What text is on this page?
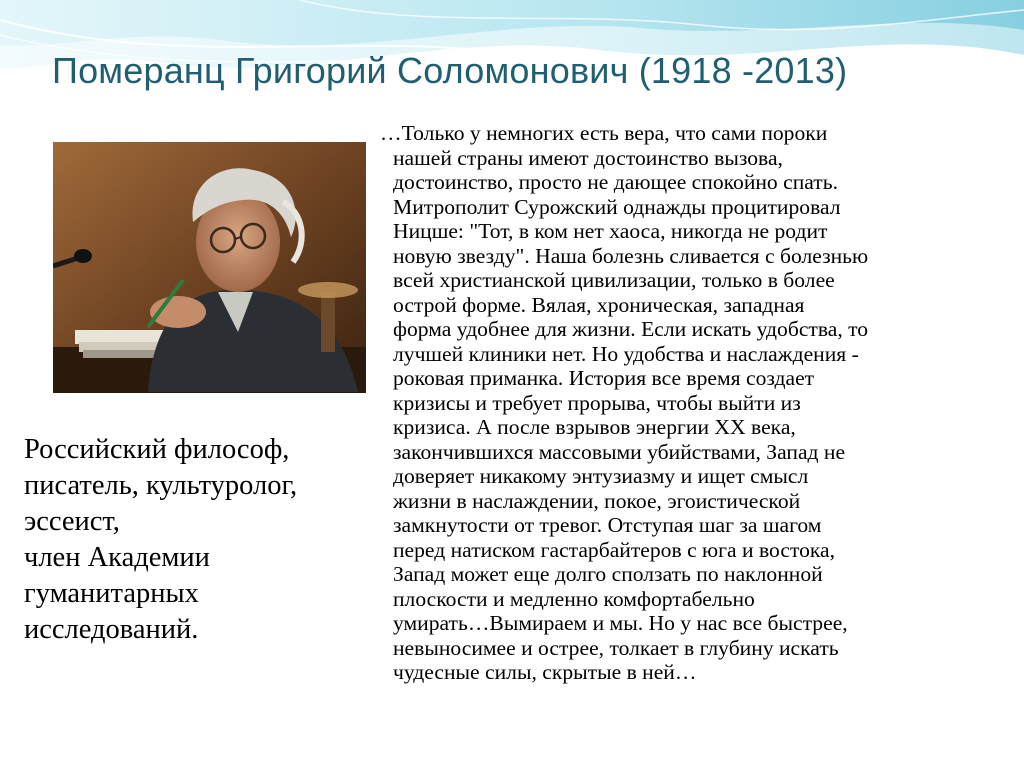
Померанц Григорий Соломонович (1918 -2013)
Российский философ,
писатель, культуролог,
эссеист,
член Академии
гуманитарных
исследований.
…Только у немногих есть вера, что сами пороки
нашей страны имеют достоинство вызова,
достоинство, просто не дающее спокойно спать.
Митрополит Сурожский однажды процитировал
Ницше: "Тот, в ком нет хаоса, никогда не родит
новую звезду". Наша болезнь сливается с болезнью
всей христианской цивилизации, только в более
острой форме. Вялая, хроническая, западная
форма удобнее для жизни. Если искать удобства, то
лучшей клиники нет. Но удобства и наслаждения -
роковая приманка. История все время создает
кризисы и требует прорыва, чтобы выйти из
кризиса. А после взрывов энергии XX века,
закончившихся массовыми убийствами, Запад не
доверяет никакому энтузиазму и ищет смысл
жизни в наслаждении, покое, эгоистической
замкнутости от тревог. Отступая шаг за шагом
перед натиском гастарбайтеров с юга и востока,
Запад может еще долго сползать по наклонной
плоскости и медленно комфортабельно
умирать…Вымираем и мы. Но у нас все быстрее,
невыносимее и острее, толкает в глубину искать
чудесные силы, скрытые в ней…
